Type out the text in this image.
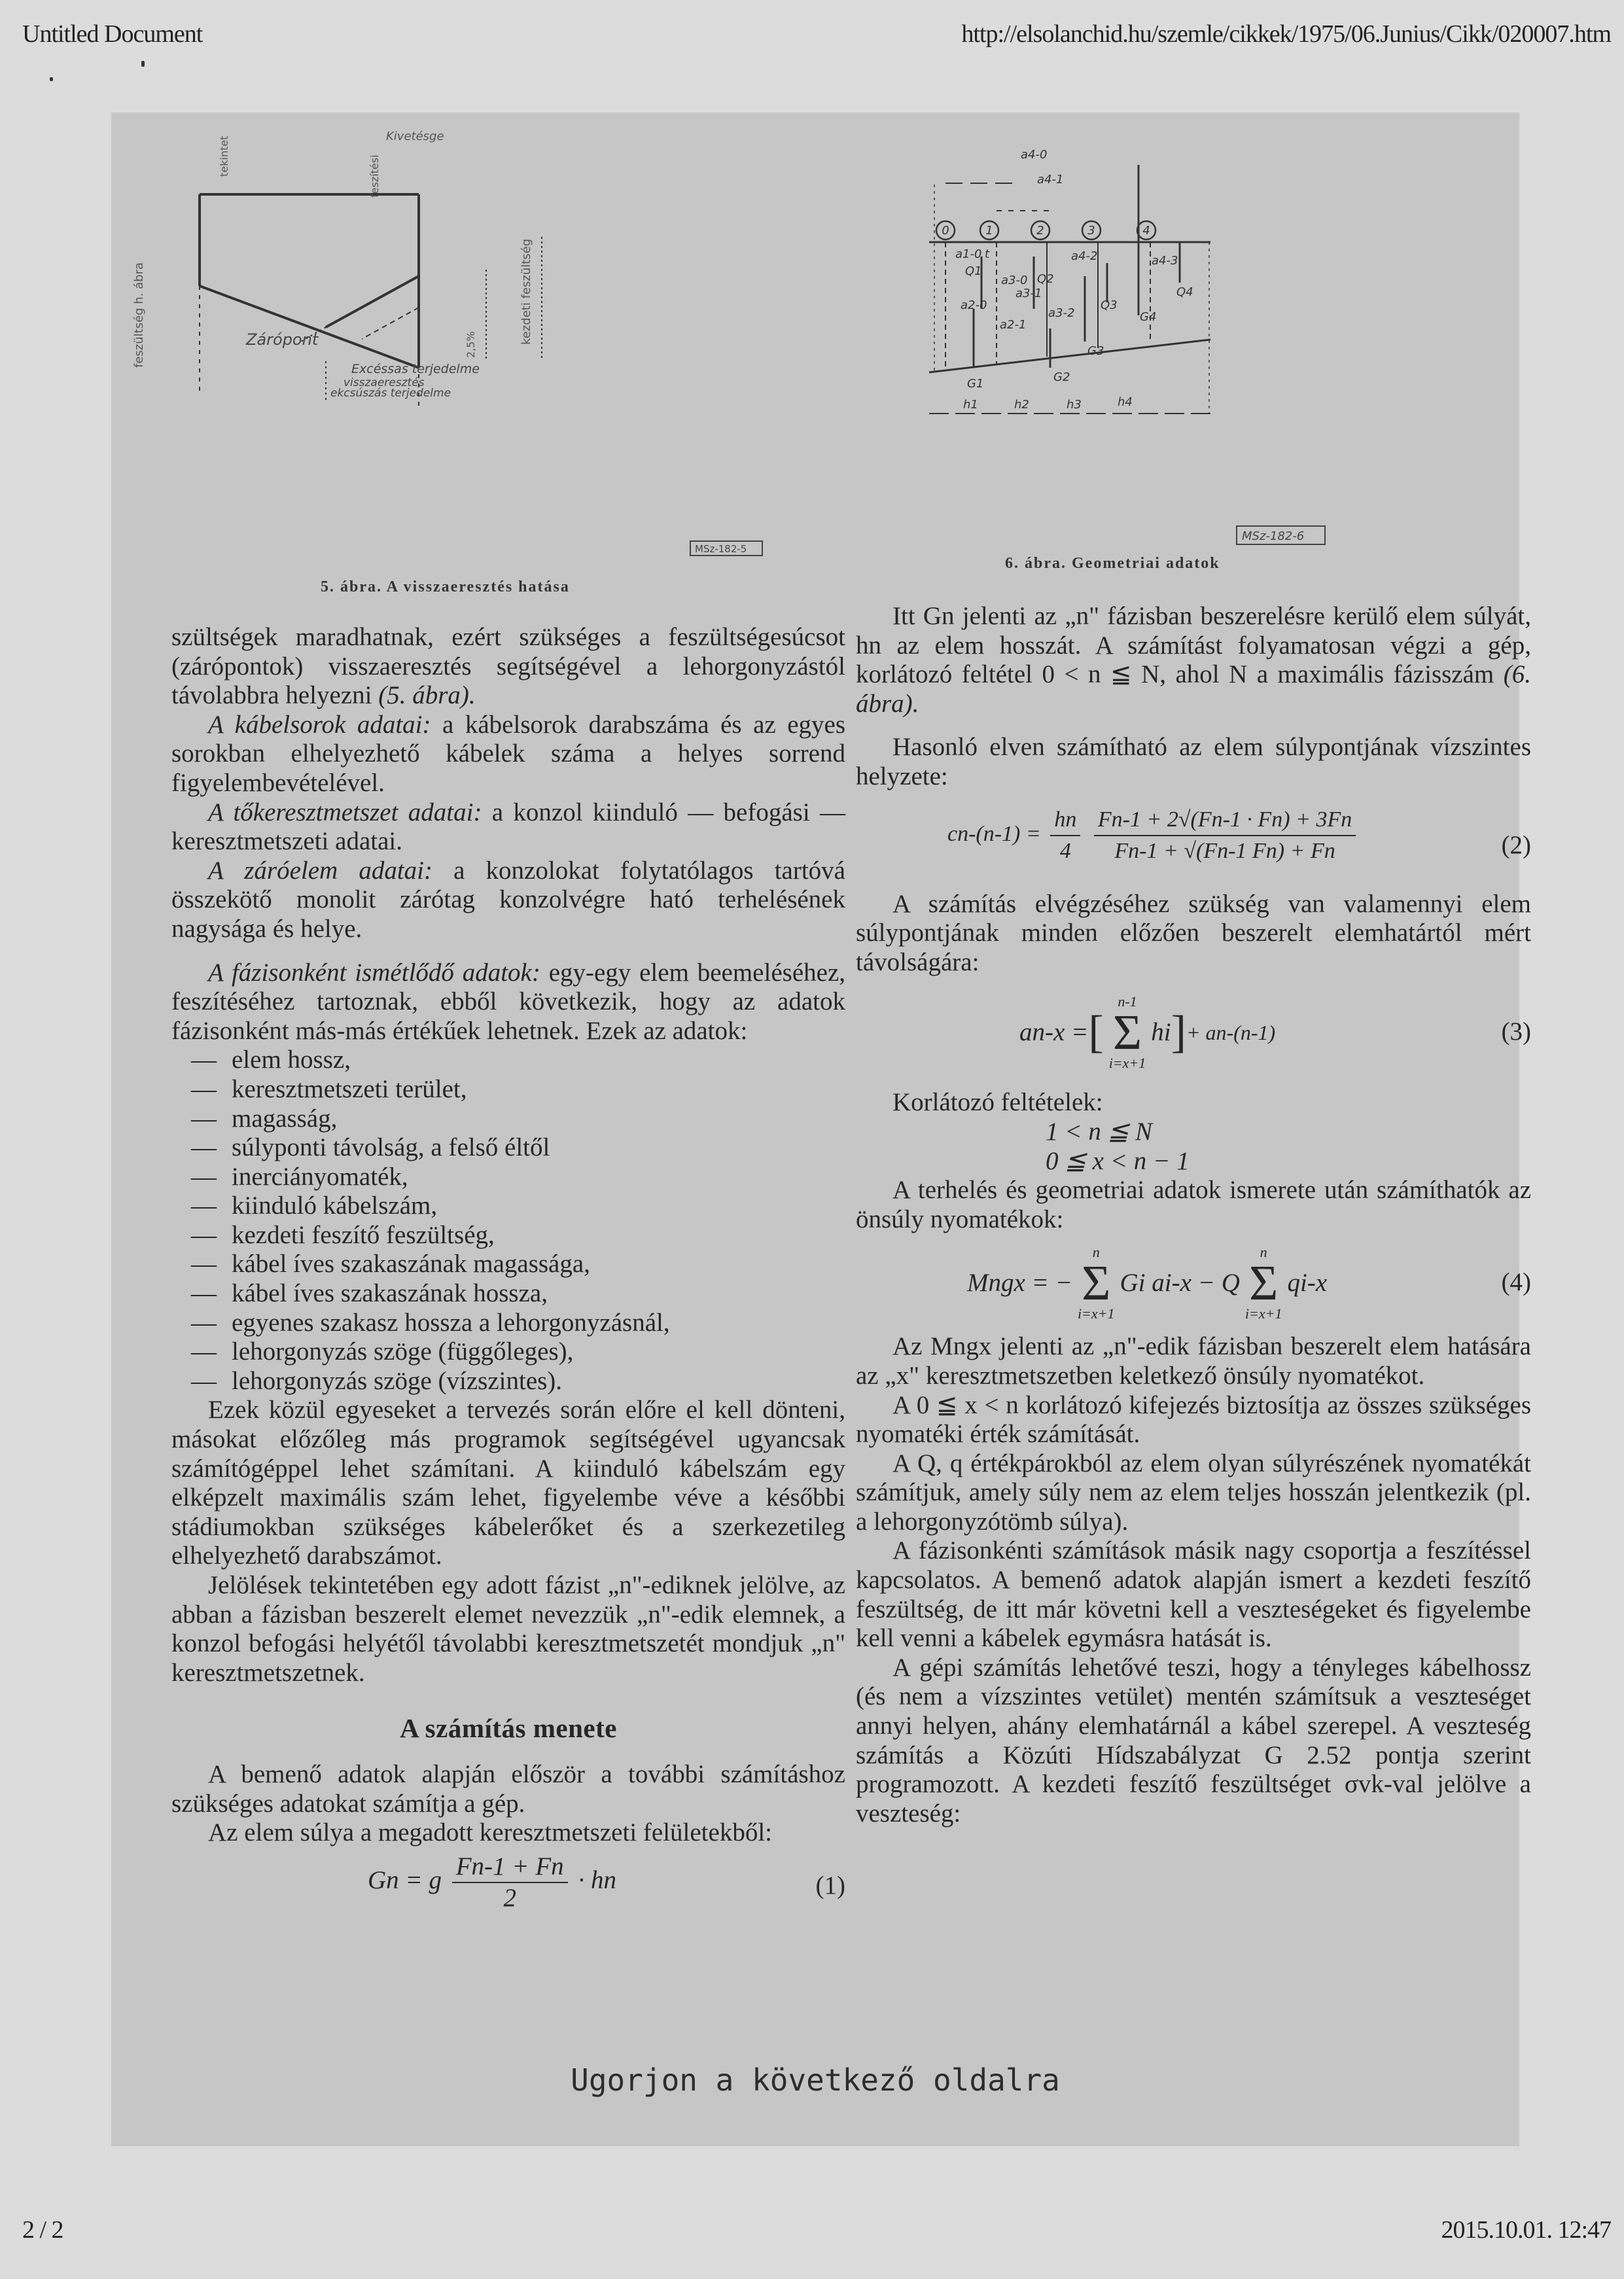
Untitled Document	http://elsolanchid.hu/szemle/cikkek/1975/06.Junius/Cikk/020007.htm
tekintet	Kivetésge
feszítési
feszültség h. ábra	kezdeti feszültség
2,5%
Zárópont
Excéssas terjedelme
visszaeresztés
ekcsúszás terjedelme
MSz-182-5
5. ábra. A visszaeresztés hatása
0	1	2	3	4
a4-0
a4-1
a4-2	a4-3
a1-0
a2-0
a3-0
a2-1
a3-1
a3-2
Q1
t
Q2
Q3
Q4
G1	G2
G3
G4
h1	h2	h3	h4
MSz-182-6
6. ábra. Geometriai adatok

szültségek maradhatnak, ezért szükséges a feszültségesúcsot (zárópontok) visszaeresztés segítségével a lehorgonyzástól távolabbra helyezni (5. ábra).

A kábelsorok adatai: a kábelsorok darabszáma és az egyes sorokban elhelyezhető kábelek száma a helyes sorrend figyelembevételével.

A tőkeresztmetszet adatai: a konzol kiinduló — befogási — keresztmetszeti adatai.

A záróelem adatai: a konzolokat folytatólagos tartóvá összekötő monolit zárótag konzolvégre ható terhelésének nagysága és helye.

A fázisonként ismétlődő adatok: egy-egy elem beemeléséhez, feszítéséhez tartoznak, ebből következik, hogy az adatok fázisonként más-más értékűek lehetnek. Ezek az adatok:

— elem hossz,
— keresztmetszeti terület,
— magasság,
— súlyponti távolság, a felső éltől
— inerciányomaték,
— kiinduló kábelszám,
— kezdeti feszítő feszültség,
— kábel íves szakaszának magassága,
— kábel íves szakaszának hossza,
— egyenes szakasz hossza a lehorgonyzásnál,
— lehorgonyzás szöge (függőleges),
— lehorgonyzás szöge (vízszintes).

Ezek közül egyeseket a tervezés során előre el kell dönteni, másokat előzőleg más programok segítségével ugyancsak számítógéppel lehet számítani. A kiinduló kábelszám egy elképzelt maximális szám lehet, figyelembe véve a későbbi stádiumokban szükséges kábelerőket és a szerkezetileg elhelyezhető darabszámot.

Jelölések tekintetében egy adott fázist „n"-ediknek jelölve, az abban a fázisban beszerelt elemet nevezzük „n"-edik elemnek, a konzol befogási helyétől távolabbi keresztmetszetét mondjuk „n" keresztmetszetnek.

A számítás menete

A bemenő adatok alapján először a további számításhoz szükséges adatokat számítja a gép.

Az elem súlya a megadott keresztmetszeti felületekből:

Gn = g $\frac{Fn-1 + Fn}{2}$ · hn	(1)

Itt Gn jelenti az „n" fázisban beszerelésre kerülő elem súlyát, hn az elem hosszát. A számítást folyamatosan végzi a gép, korlátozó feltétel 0 < n ≦ N, ahol N a maximális fázisszám (6. ábra).

Hasonló elven számítható az elem súlypontjának vízszintes helyzete:

$cn-(n-1) = \frac{hn}{4}$
$\frac{Fn-1 + 2√(Fn-1 \cdot Fn) + 3Fn}{Fn-1 + √(Fn-1 Fn) + Fn}$	(2)

A számítás elvégzéséhez szükség van valamennyi elem súlypontjának minden előzően beszerelt elemhatártól mért távolságára:

an-x = [
n-1
Σ
i=x+1
hi ] + an-(n-1)	(3)

Korlátozó feltételek:

1 < n ≦ N

0 ≦ x < n − 1

A terhelés és geometriai adatok ismerete után számíthatók az önsúly nyomatékok:

Mngx = −
n
Σ
i=x+1
Gi ai-x − Q
n
Σ
i=x+1
qi-x	(4)

Az Mngx jelenti az „n"-edik fázisban beszerelt elem hatására az „x" keresztmetszetben keletkező önsúly nyomatékot.

A 0 ≦ x < n korlátozó kifejezés biztosítja az összes szükséges nyomatéki érték számítását.

A Q, q értékpárokból az elem olyan súlyrészének nyomatékát számítjuk, amely súly nem az elem teljes hosszán jelentkezik (pl. a lehorgonyzótömb súlya).

A fázisonkénti számítások másik nagy csoportja a feszítéssel kapcsolatos. A bemenő adatok alapján ismert a kezdeti feszítő feszültség, de itt már követni kell a veszteségeket és figyelembe kell venni a kábelek egymásra hatását is.

A gépi számítás lehetővé teszi, hogy a tényleges kábelhossz (és nem a vízszintes vetület) mentén számítsuk a veszteséget annyi helyen, ahány elemhatárnál a kábel szerepel. A veszteség számítás a Közúti Hídszabályzat G 2.52 pontja szerint programozott. A kezdeti feszítő feszültséget σvk-val jelölve a veszteség:

Ugorjon a következő oldalra
2 / 2	2015.10.01. 12:47
